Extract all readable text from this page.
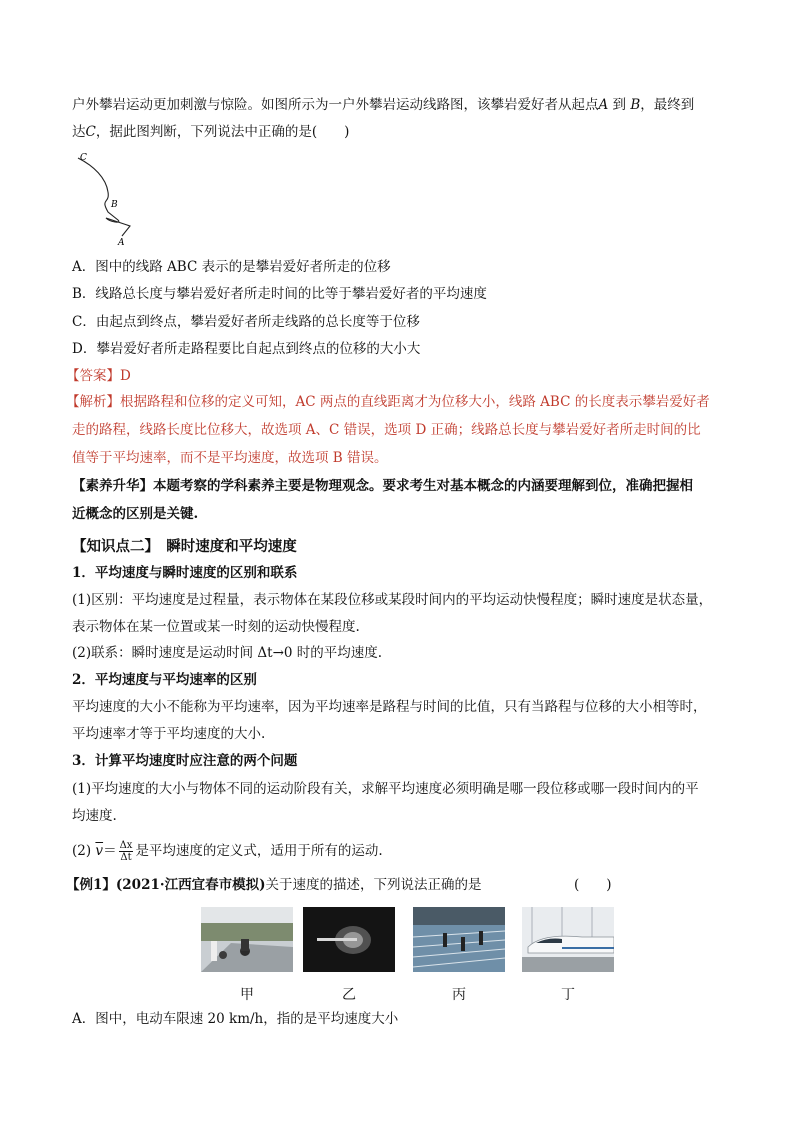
户外攀岩运动更加刺激与惊险。如图所示为一户外攀岩运动线路图，该攀岩爱好者从起点A 到 B，最终到
达C，据此图判断，下列说法中正确的是(　　)
C
B
A
A．图中的线路 ABC 表示的是攀岩爱好者所走的位移
B．线路总长度与攀岩爱好者所走时间的比等于攀岩爱好者的平均速度
C．由起点到终点，攀岩爱好者所走线路的总长度等于位移
D．攀岩爱好者所走路程要比自起点到终点的位移的大小大
【答案】D
【解析】根据路程和位移的定义可知，AC 两点的直线距离才为位移大小，线路 ABC 的长度表示攀岩爱好者
走的路程，线路长度比位移大，故选项 A、C 错误，选项 D 正确；线路总长度与攀岩爱好者所走时间的比
值等于平均速率，而不是平均速度，故选项 B 错误。
【素养升华】本题考察的学科素养主要是物理观念。要求考生对基本概念的内涵要理解到位，准确把握相
近概念的区别是关键.
【知识点二】　瞬时速度和平均速度
1．平均速度与瞬时速度的区别和联系
(1)区别：平均速度是过程量，表示物体在某段位移或某段时间内的平均运动快慢程度；瞬时速度是状态量，
表示物体在某一位置或某一时刻的运动快慢程度.
(2)联系：瞬时速度是运动时间 Δt→0 时的平均速度.
2．平均速度与平均速率的区别
平均速度的大小不能称为平均速率，因为平均速率是路程与时间的比值，只有当路程与位移的大小相等时，
平均速率才等于平均速度的大小.
3．计算平均速度时应注意的两个问题
(1)平均速度的大小与物体不同的运动阶段有关，求解平均速度必须明确是哪一段位移或哪一段时间内的平
均速度.
(2) $\overline{v}= \frac{\Delta x}{\Delta t}$ 是平均速度的定义式，适用于所有的运动.
【例1】(2021·江西宜春市模拟)关于速度的描述，下列说法正确的是	(　　)
甲	乙	丙	丁
A．图中，电动车限速 20 km/h，指的是平均速度大小
